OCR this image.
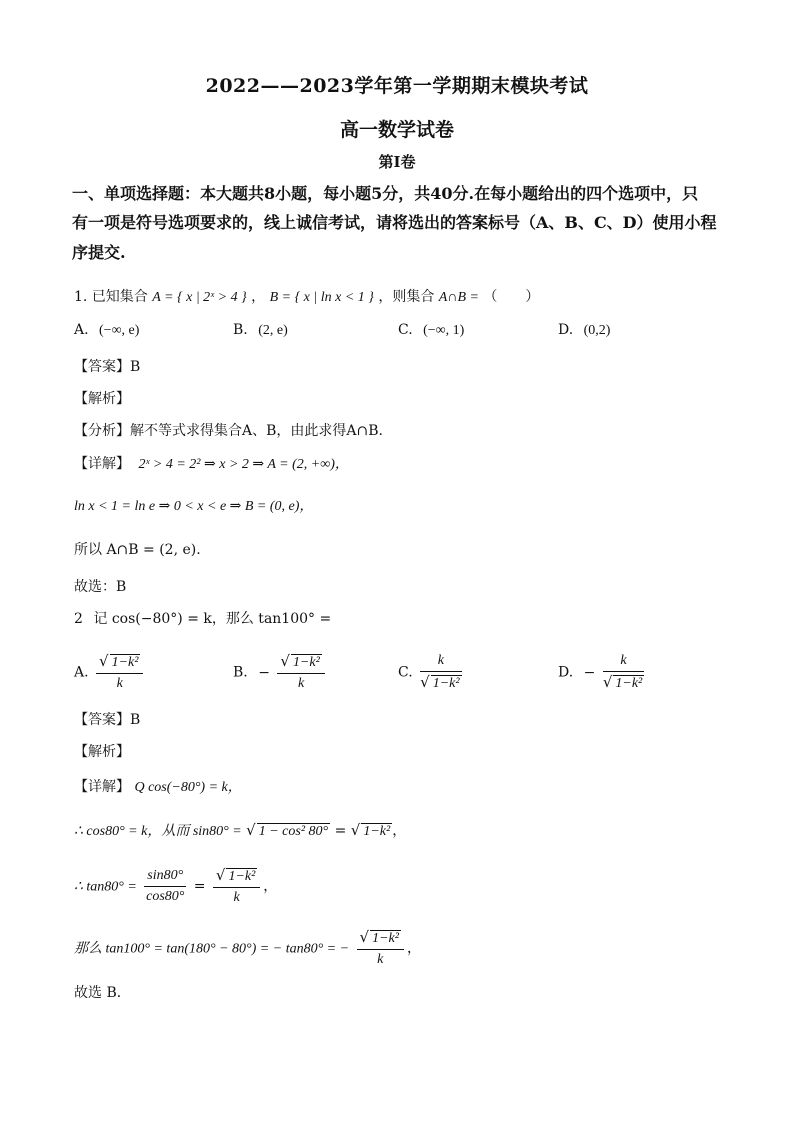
2022——2023学年第一学期期末模块考试
高一数学试卷
第I卷
一、单项选择题：本大题共8小题，每小题5分，共40分.在每小题给出的四个选项中，只
有一项是符号选项要求的，线上诚信考试，请将选出的答案标号（A、B、C、D）使用小程
序提交.
1. 已知集合 A = { x | 2ˣ > 4 } ， B = { x | ln x < 1 } ，则集合 A∩B = （　　）
A. (−∞, e)	B. (2, e)	C. (−∞, 1)	D. (0,2)
【答案】B
【解析】
【分析】解不等式求得集合A、B，由此求得A∩B.
【详解】 2ˣ > 4 = 2² ⇒ x > 2 ⇒ A = (2, +∞)，
ln x < 1 = ln e ⇒ 0 < x < e ⇒ B = (0, e)，
所以 A∩B = (2, e).
故选：B
2 记 cos(−80°) = k，那么 tan100° =
A. $\frac{\text{√ 1−k²}}{k}$	B. − $\frac{\text{√ 1−k²}}{k}$	C. $\frac{k}{\text{√ 1−k²}}$	D. − $\frac{k}{\text{√ 1−k²}}$
【答案】B
【解析】
【详解】 Q cos(−80°) = k，
∴ cos80° = k，从而 sin80° = √ 1 − cos² 80° = √ 1−k² ，
∴ $\tan 80^\circ = \frac{\sin 80^\circ}{\cos 80^\circ} = \frac{\text{√ 1−k²}}{k}$ ，
那么 tan100° = tan(180° − 80°) = − tan80° = − $\frac{\text{√ 1−k²}}{k}$ ，
故选 B．
